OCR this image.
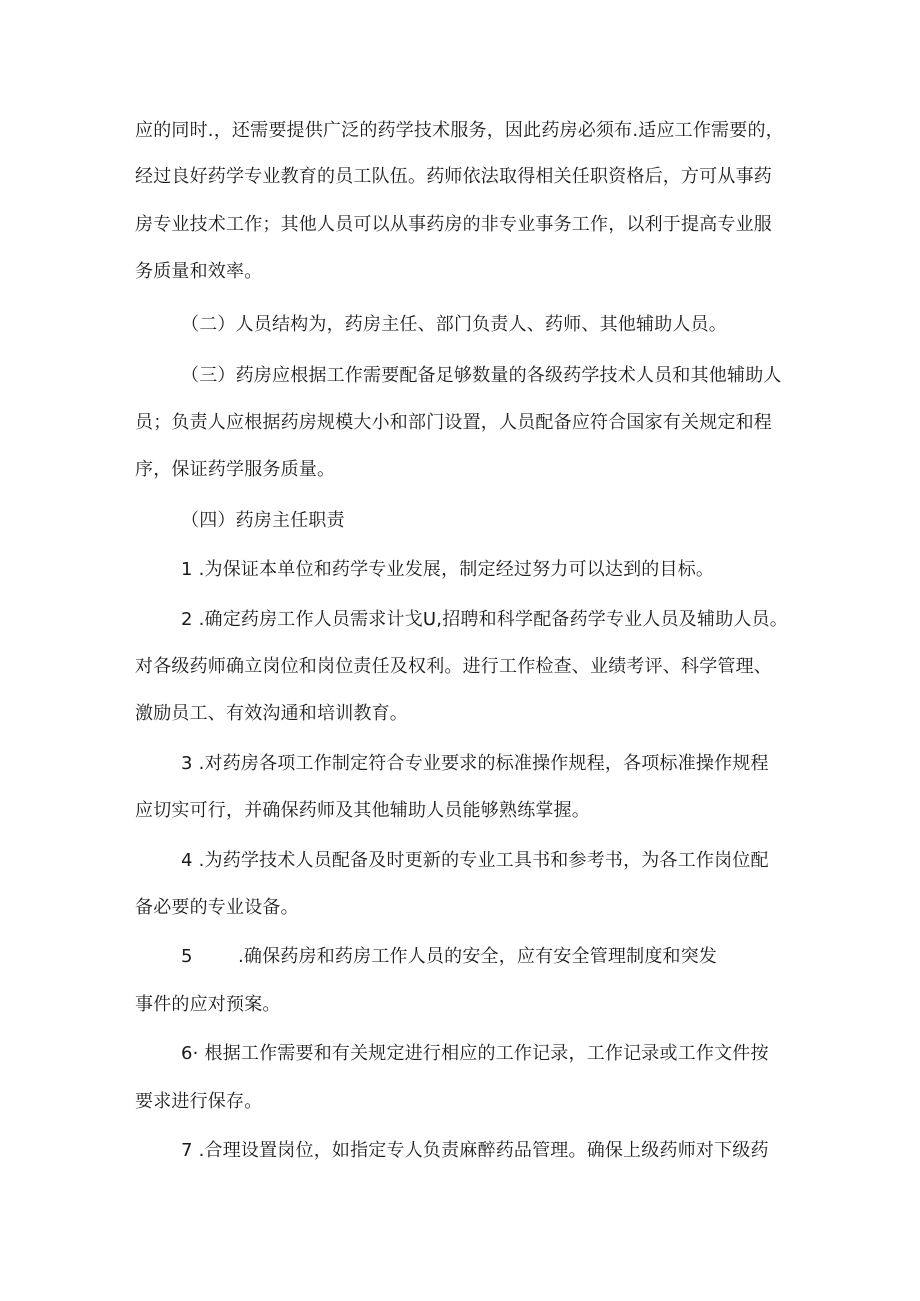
应的同时.，还需要提供广泛的药学技术服务，因此药房必须布.适应工作需要的，
经过良好药学专业教育的员工队伍。药师依法取得相关任职资格后，方可从事药
房专业技术工作；其他人员可以从事药房的非专业事务工作，以利于提高专业服
务质量和效率。
（二）人员结构为，药房主任、部门负责人、药师、其他辅助人员。
（三）药房应根据工作需要配备足够数量的各级药学技术人员和其他辅助人
员；负责人应根据药房规模大小和部门设置，人员配备应符合国家有关规定和程
序，保证药学服务质量。
（四）药房主任职责
1 .为保证本单位和药学专业发展，制定经过努力可以达到的目标。
2 .确定药房工作人员需求计戈U,招聘和科学配备药学专业人员及辅助人员。
对各级药师确立岗位和岗位责任及权利。进行工作检查、业绩考评、科学管理、
激励员工、有效沟通和培训教育。
3 .对药房各项工作制定符合专业要求的标准操作规程，各项标准操作规程
应切实可行，并确保药师及其他辅助人员能够熟练掌握。
4 .为药学技术人员配备及时更新的专业工具书和参考书，为各工作岗位配
备必要的专业设备。
5	.确保药房和药房工作人员的安全，应有安全管理制度和突发
事件的应对预案。
6· 根据工作需要和有关规定进行相应的工作记录，工作记录或工作文件按
要求进行保存。
7 .合理设置岗位，如指定专人负责麻醉药品管理。确保上级药师对下级药
